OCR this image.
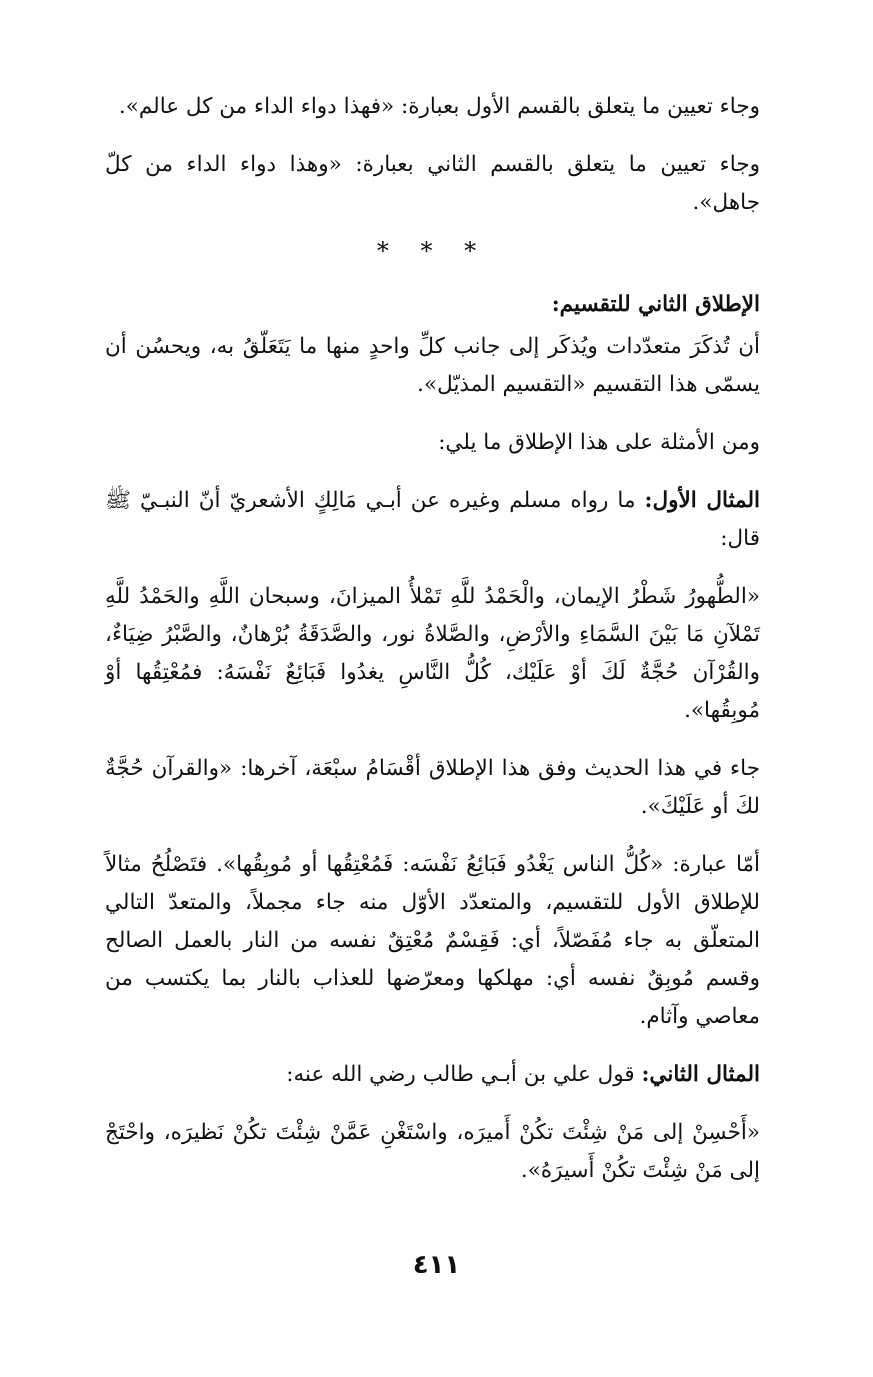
وجاء تعيين ما يتعلق بالقسم الأول بعبارة: «فهذا دواء الداء من كل عالم».

وجاء تعيين ما يتعلق بالقسم الثاني بعبارة: «وهذا دواء الداء من كلّ جاهل».

* * *

الإطلاق الثاني للتقسيم:

أن تُذكَرَ متعدّدات ويُذكَر إلى جانب كلِّ واحدٍ منها ما يَتَعَلّقُ به، ويحسُن أن يسمّى هذا التقسيم «التقسيم المذيّل».

ومن الأمثلة على هذا الإطلاق ما يلي:

المثال الأول: ما رواه مسلم وغيره عن أبـي مَالِكٍ الأشعريّ أنّ النبـيّ ﷺ قال:

«الطُّهورُ شَطْرُ الإيمان، والْحَمْدُ للَّهِ تَمْلأُ الميزانَ، وسبحان اللَّهِ والحَمْدُ للَّهِ تَمْلآنِ مَا بَيْنَ السَّمَاءِ والأرْضِ، والصَّلاةُ نور، والصَّدَقَةُ بُرْهانٌ، والصَّبْرُ ضِيَاءٌ، والقُرْآن حُجَّةٌ لَكَ أوْ عَلَيْك، كُلُّ النَّاسِ يغدُوا فَبَائِعٌ نَفْسَهُ: فمُعْتِقُها أوْ مُوبِقُها».

جاء في هذا الحديث وفق هذا الإطلاق أقْسَامُ سبْعَة، آخرها: «والقرآن حُجَّةٌ لكَ أو عَلَيْكَ».

أمّا عبارة: «كُلُّ الناس يَغْدُو فَبَائِعُ نَفْسَه: فَمُعْتِقُها أو مُوبِقُها». فتَصْلُحُ مثالاً للإطلاق الأول للتقسيم، والمتعدّد الأوّل منه جاء مجملاً، والمتعدّ التالي المتعلّق به جاء مُفَصّلاً، أي: فَقِسْمٌ مُعْتِقٌ نفسه من النار بالعمل الصالح وقسم مُوبِقٌ نفسه أي: مهلكها ومعرّضها للعذاب بالنار بما يكتسب من معاصي وآثام.

المثال الثاني: قول علي بن أبـي طالب رضي الله عنه:

«أَحْسِنْ إلى مَنْ شِئْتَ تكُنْ أَميرَه، واسْتَغْنِ عَمَّنْ شِئْتَ تكُنْ نَظيرَه، واحْتَجْ إلى مَنْ شِئْتَ تكُنْ أَسيرَهُ».

٤١١
